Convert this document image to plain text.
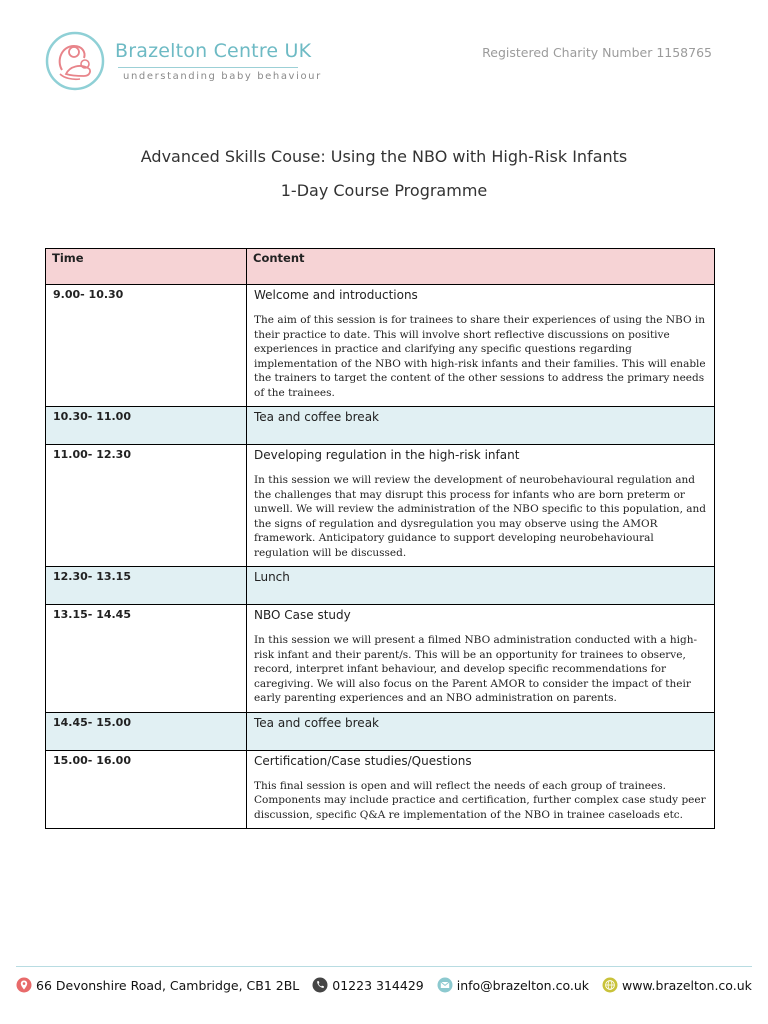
Brazelton Centre UK
understanding baby behaviour
Registered Charity Number 1158765
Advanced Skills Couse: Using the NBO with High-Risk Infants
1-Day Course Programme
Time	Content
9.00- 10.30	Welcome and introductions
The aim of this session is for trainees to share their experiences of using the NBO in their practice to date. This will involve short reflective discussions on positive experiences in practice and clarifying any specific questions regarding implementation of the NBO with high-risk infants and their families. This will enable the trainers to target the content of the other sessions to address the primary needs of the trainees.

10.30- 11.00	Tea and coffee break

11.00- 12.30	Developing regulation in the high-risk infant
In this session we will review the development of neurobehavioural regulation and the challenges that may disrupt this process for infants who are born preterm or unwell. We will review the administration of the NBO specific to this population, and the signs of regulation and dysregulation you may observe using the AMOR framework. Anticipatory guidance to support developing neurobehavioural regulation will be discussed.

12.30- 13.15	Lunch

13.15- 14.45	NBO Case study
In this session we will present a filmed NBO administration conducted with a high-risk infant and their parent/s. This will be an opportunity for trainees to observe, record, interpret infant behaviour, and develop specific recommendations for caregiving. We will also focus on the Parent AMOR to consider the impact of their early parenting experiences and an NBO administration on parents.

14.45- 15.00	Tea and coffee break

15.00- 16.00	Certification/Case studies/Questions
This final session is open and will reflect the needs of each group of trainees. Components may include practice and certification, further complex case study peer discussion, specific Q&A re implementation of the NBO in trainee caseloads etc.
66 Devonshire Road, Cambridge, CB1 2BL	01223 314429	info@brazelton.co.uk	www.brazelton.co.uk
